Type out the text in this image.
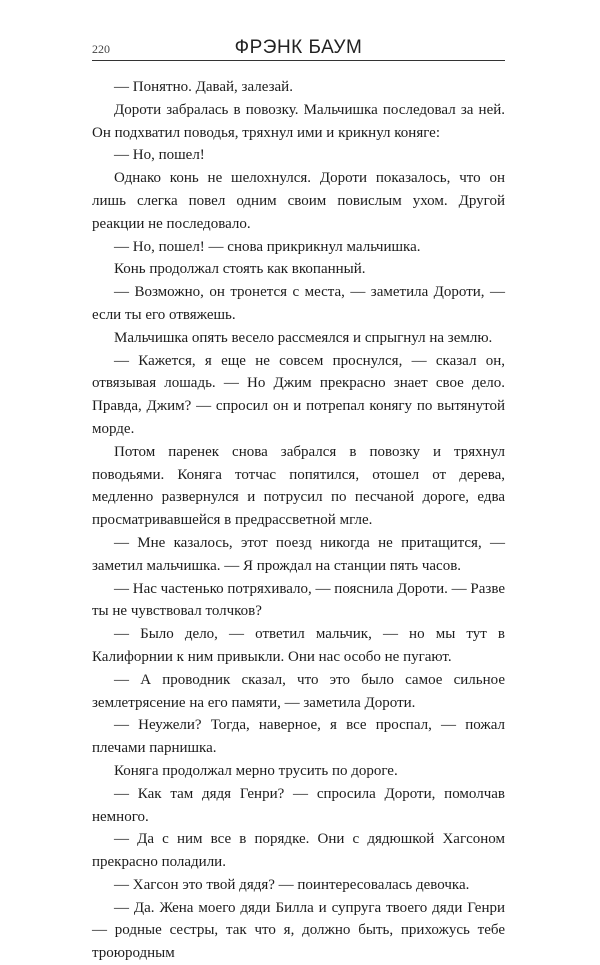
220	ФРЭНК БАУМ

— Понятно. Давай, залезай.

Дороти забралась в повозку. Мальчишка последовал за ней. Он подхватил поводья, тряхнул ими и крикнул коняге:

— Но, пошел!

Однако конь не шелохнулся. Дороти показалось, что он лишь слегка повел одним своим повислым ухом. Другой реакции не последовало.

— Но, пошел! — снова прикрикнул мальчишка.

Конь продолжал стоять как вкопанный.

— Возможно, он тронется с места, — заметила Дороти, — если ты его отвяжешь.

Мальчишка опять весело рассмеялся и спрыгнул на землю.

— Кажется, я еще не совсем проснулся, — сказал он, отвязывая лошадь. — Но Джим прекрасно знает свое дело. Правда, Джим? — спросил он и потрепал конягу по вытянутой морде.

Потом паренек снова забрался в повозку и тряхнул поводьями. Коняга тотчас попятился, отошел от дерева, медленно развернулся и потрусил по песчаной дороге, едва просматривавшейся в предрассветной мгле.

— Мне казалось, этот поезд никогда не притащится, — заметил мальчишка. — Я прождал на станции пять часов.

— Нас частенько потряхивало, — пояснила Дороти. — Разве ты не чувствовал толчков?

— Было дело, — ответил мальчик, — но мы тут в Калифорнии к ним привыкли. Они нас особо не пугают.

— А проводник сказал, что это было самое сильное землетрясение на его памяти, — заметила Дороти.

— Неужели? Тогда, наверное, я все проспал, — пожал плечами парнишка.

Коняга продолжал мерно трусить по дороге.

— Как там дядя Генри? — спросила Дороти, помолчав немного.

— Да с ним все в порядке. Они с дядюшкой Хагсоном прекрасно поладили.

— Хагсон это твой дядя? — поинтересовалась девочка.

— Да. Жена моего дяди Билла и супруга твоего дяди Генри — родные сестры, так что я, должно быть, прихожусь тебе троюродным
